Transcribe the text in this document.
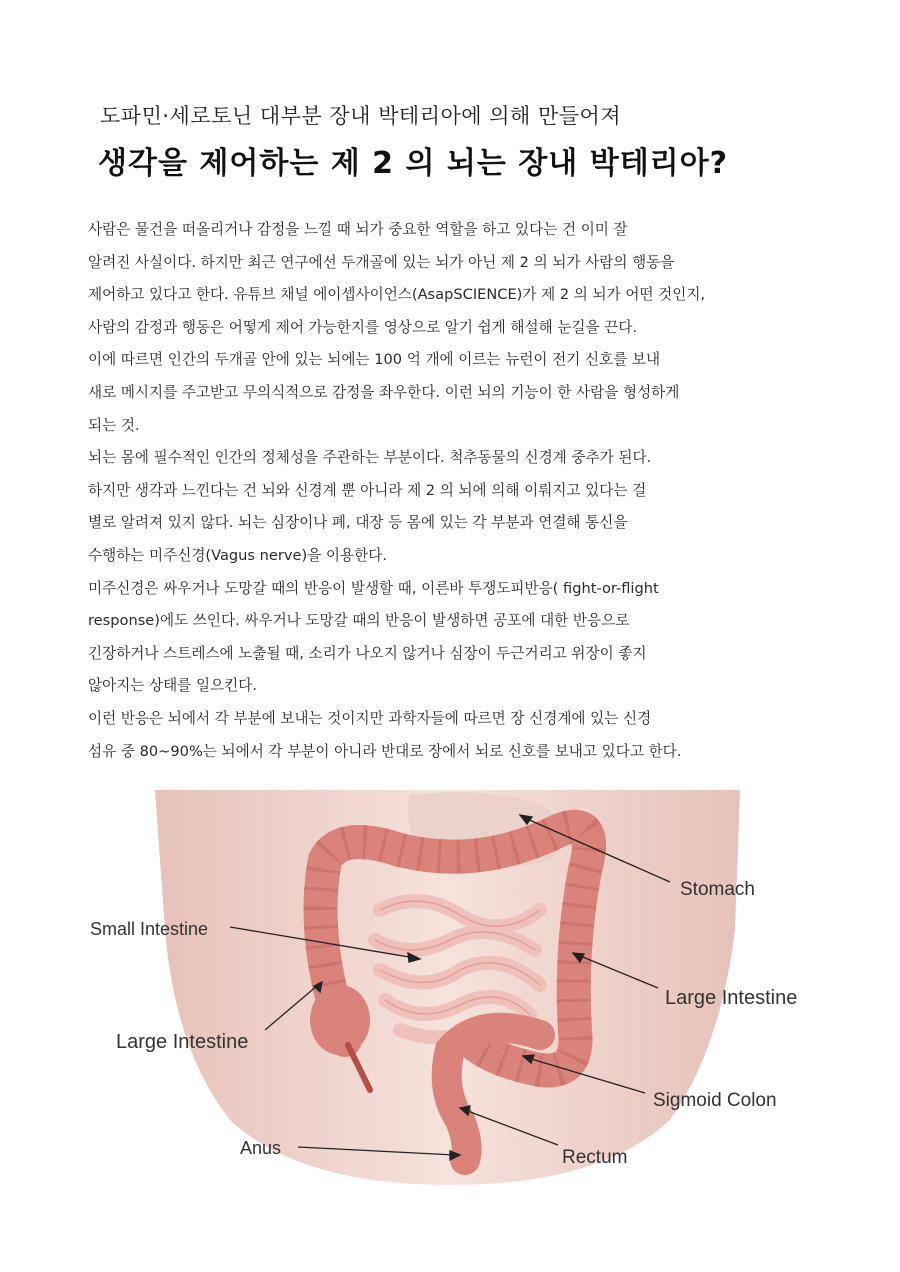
도파민·세로토닌 대부분 장내 박테리아에 의해 만들어져
생각을 제어하는 제 2 의 뇌는 장내 박테리아?
사람은 물건을 떠올리거나 감정을 느낄 때 뇌가 중요한 역할을 하고 있다는 건 이미 잘
알려진 사실이다. 하지만 최근 연구에선 두개골에 있는 뇌가 아닌 제 2 의 뇌가 사람의 행동을
제어하고 있다고 한다. 유튜브 채널 에이셉사이언스(AsapSCIENCE)가 제 2 의 뇌가 어떤 것인지,
사람의 감정과 행동은 어떻게 제어 가능한지를 영상으로 알기 쉽게 해설해 눈길을 끈다.
이에 따르면 인간의 두개골 안에 있는 뇌에는 100 억 개에 이르는 뉴런이 전기 신호를 보내
새로 메시지를 주고받고 무의식적으로 감정을 좌우한다. 이런 뇌의 기능이 한 사람을 형성하게
되는 것.
뇌는 몸에 필수적인 인간의 정체성을 주관하는 부분이다. 척추동물의 신경계 중추가 된다.
하지만 생각과 느낀다는 건 뇌와 신경계 뿐 아니라 제 2 의 뇌에 의해 이뤄지고 있다는 걸
별로 알려져 있지 않다. 뇌는 심장이나 폐, 대장 등 몸에 있는 각 부분과 연결해 통신을
수행하는 미주신경(Vagus nerve)을 이용한다.
미주신경은 싸우거나 도망갈 때의 반응이 발생할 때, 이른바 투쟁도피반응( fight-or-flight
response)에도 쓰인다. 싸우거나 도망갈 때의 반응이 발생하면 공포에 대한 반응으로
긴장하거나 스트레스에 노출될 때, 소리가 나오지 않거나 심장이 두근거리고 위장이 좋지
않아지는 상태를 일으킨다.
이런 반응은 뇌에서 각 부분에 보내는 것이지만 과학자들에 따르면 장 신경계에 있는 신경
섬유 중 80~90%는 뇌에서 각 부분이 아니라 반대로 장에서 뇌로 신호를 보내고 있다고 한다.
Stomach
Small Intestine
Large Intestine
Large Intestine
Sigmoid Colon
Anus	Rectum
